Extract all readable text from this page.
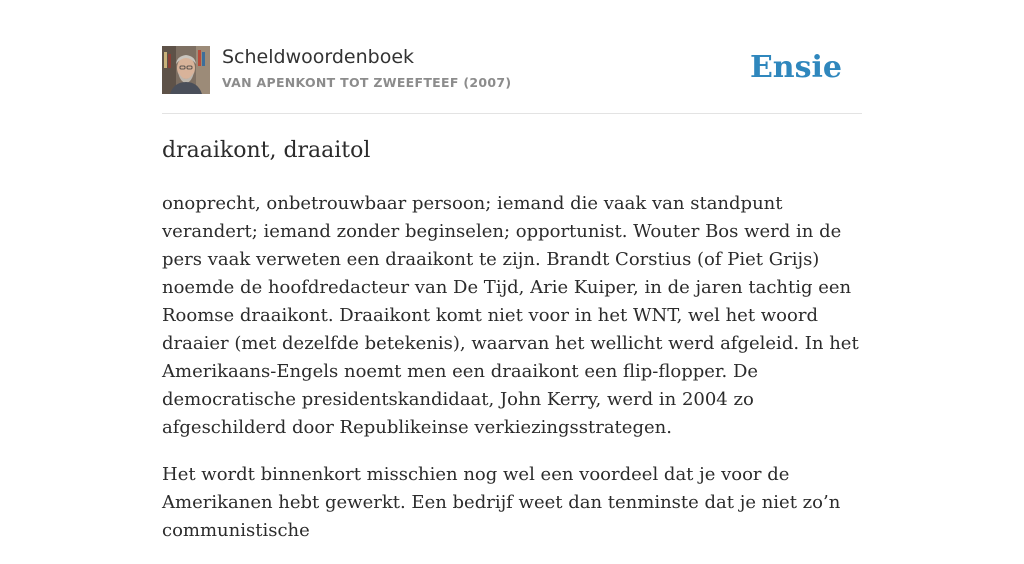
Scheldwoordenboek
VAN APENKONT TOT ZWEEFTEEF (2007)	Ensie
draaikont, draaitol

onoprecht, onbetrouwbaar persoon; iemand die vaak van standpunt verandert; iemand zonder beginselen; opportunist. Wouter Bos werd in de pers vaak verweten een draaikont te zijn. Brandt Corstius (of Piet Grijs) noemde de hoofdredacteur van De Tijd, Arie Kuiper, in de jaren tachtig een Roomse draaikont. Draaikont komt niet voor in het WNT, wel het woord draaier (met dezelfde betekenis), waarvan het wellicht werd afgeleid. In het Amerikaans-Engels noemt men een draaikont een flip-flopper. De democratische presidentskandidaat, John Kerry, werd in 2004 zo afgeschilderd door Republikeinse verkiezingsstrategen.

Het wordt binnenkort misschien nog wel een voordeel dat je voor de Amerikanen hebt gewerkt. Een bedrijf weet dan tenminste dat je niet zo’n communistische
